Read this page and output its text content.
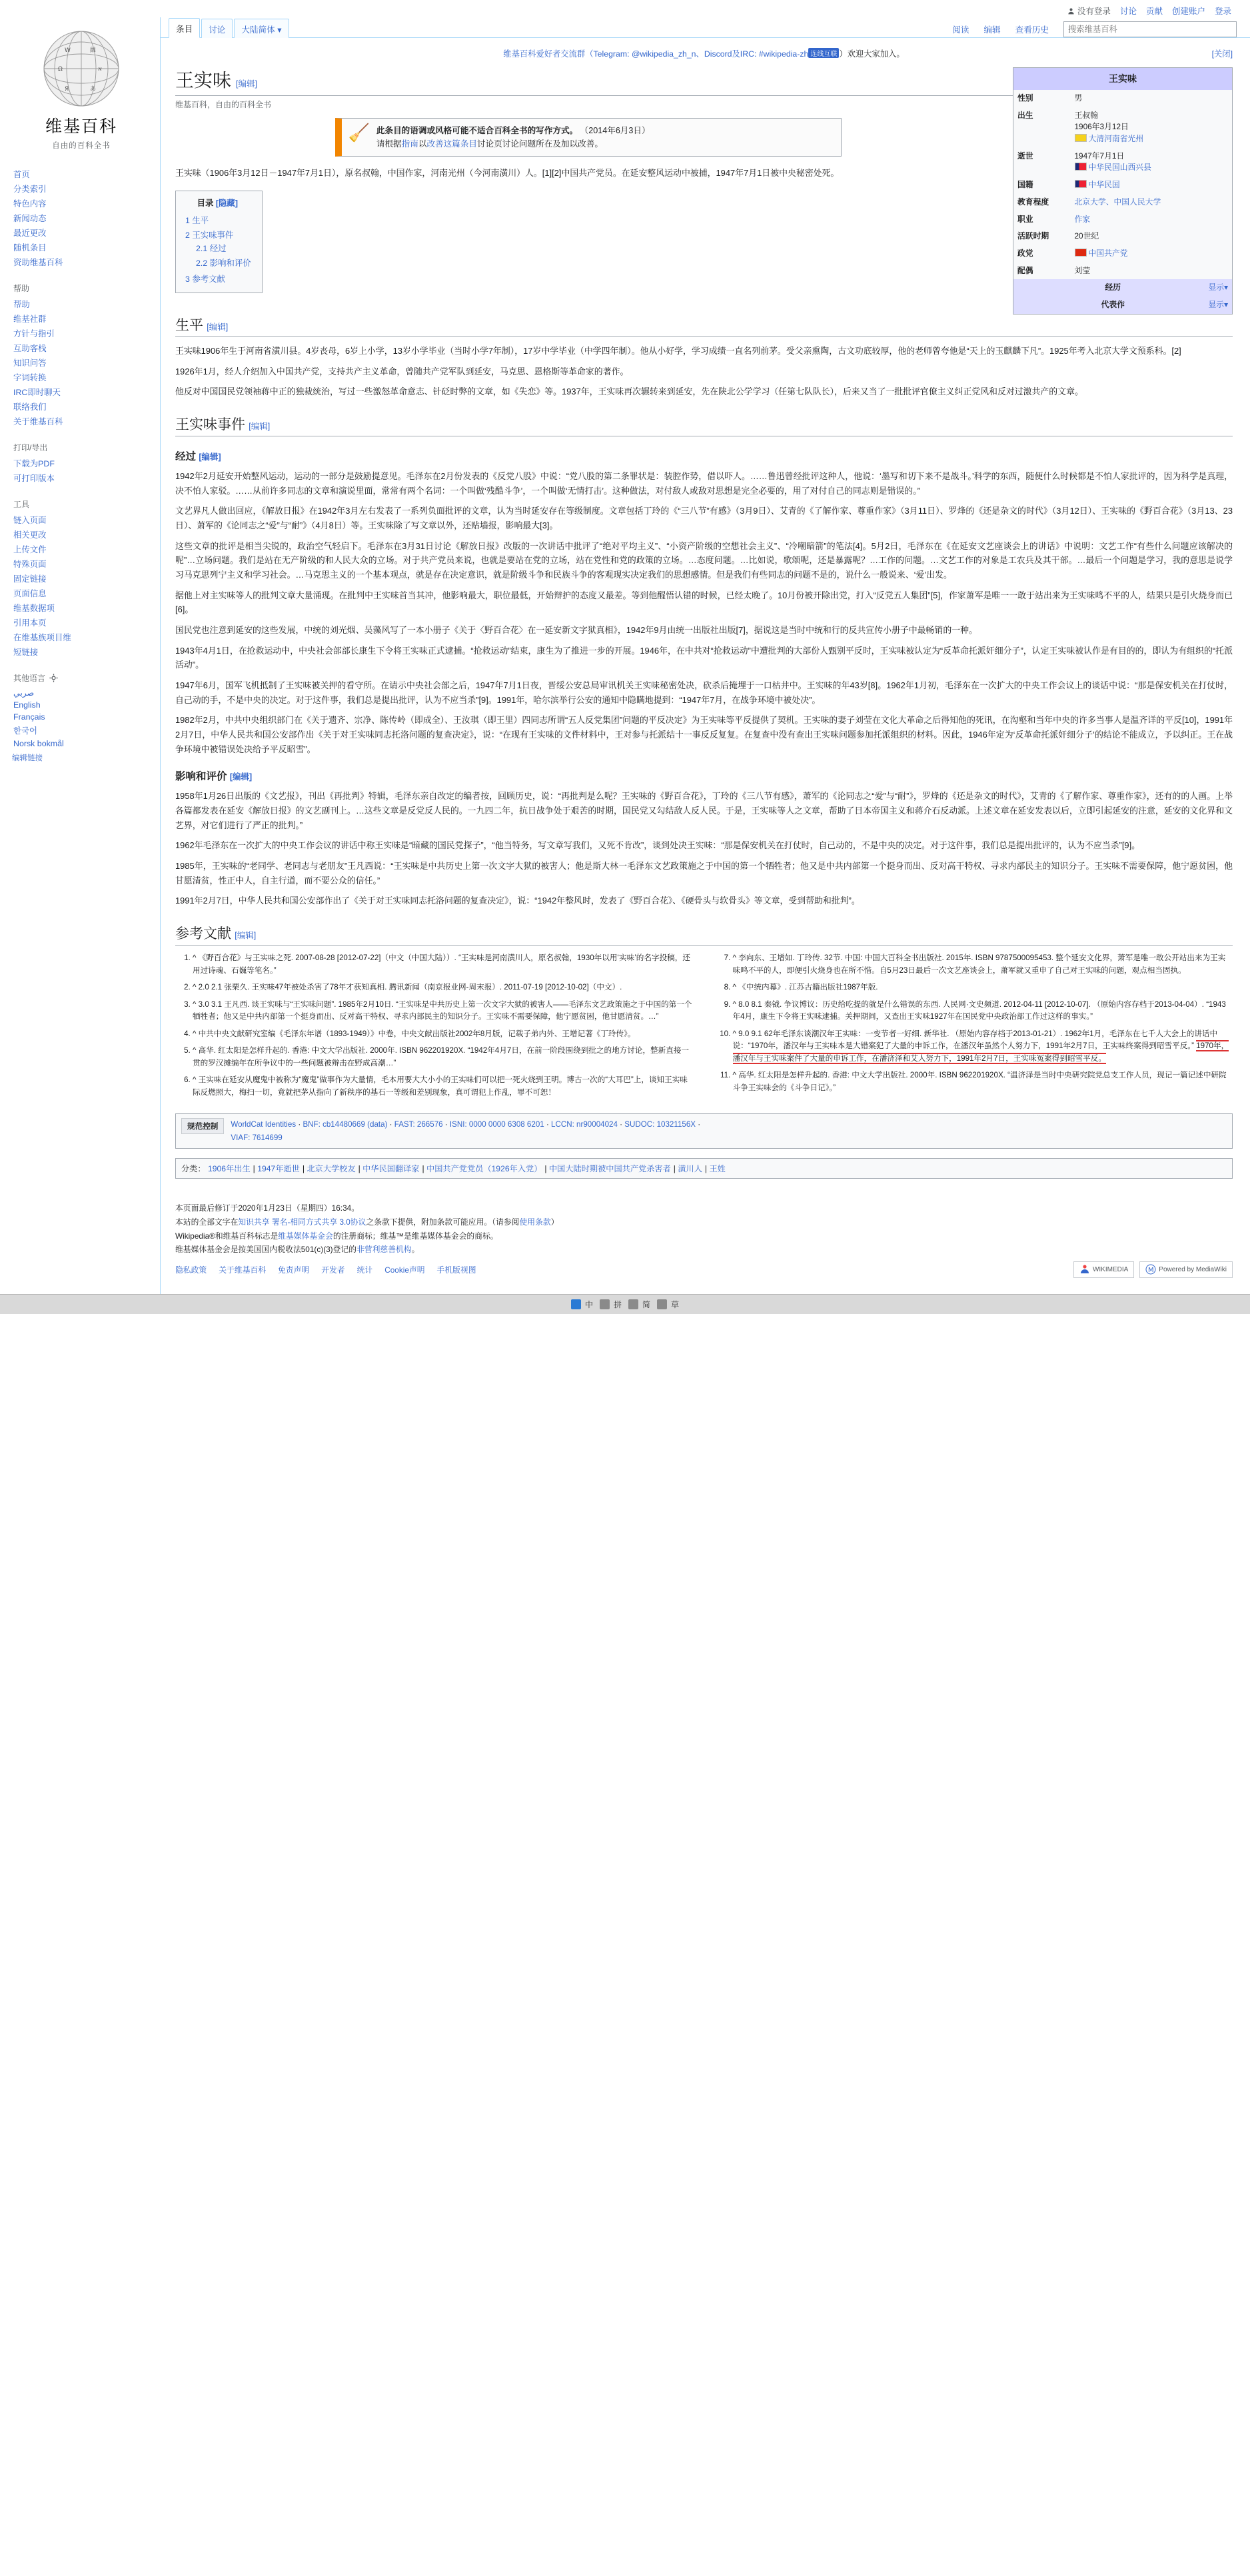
没有登录 讨论 贡献 创建账户 登录
W	維
Ω	א
Я	あ
维基百科
自由的百科全书
首页
分类索引
特色内容
新闻动态
最近更改
随机条目
资助维基百科
帮助
帮助
维基社群
方针与指引
互助客栈
知识问答
字词转换
IRC即时聊天
联络我们
关于维基百科
打印/导出
下载为PDF
可打印版本
工具
链入页面
相关更改
上传文件
特殊页面
固定链接
页面信息
维基数据项
引用本页
在维基族项目维
短链接
其他语言
صربي
English
Français
한국어
Norsk bokmål
编辑链接
条目	讨论	大陆简体 ▾	阅读	编辑	查看历史
搜索维基百科
维基百科爱好者交流群（Telegram: @wikipedia_zh_n、Discord及IRC: #wikipedia-zh 连线互联 ）欢迎大家加入。	[关闭]
王实味	
性别	男
出生	王叔翰
1906年3月12日
大清河南省光州

逝世	1947年7月1日
中华民国山西兴县

国籍	中华民国
教育程度	北京大学、中国人民大学
职业	作家
活跃时期	20世纪
政党	中国共产党
配偶	刘莹
经历 显示▾	

代表作 显示▾	
王实味 [编辑]
维基百科，自由的百科全书
🧹 此条目的语调或风格可能不适合百科全书的写作方式。 （2014年6月3日）
请根据指南以改善这篇条目讨论页讨论问题所在及加以改善。

王实味（1906年3月12日－1947年7月1日），原名叔翰，中国作家，河南光州（今河南潢川）人。[1][2]中国共产党员。在延安整风运动中被捕，1947年7月1日被中央秘密处死。

目录 [隐藏]
1 生平
2 王实味事件
2.1 经过
2.2 影响和评价
3 参考文献
生平 [编辑]

王实味1906年生于河南省潢川县。4岁丧母，6岁上小学，13岁小学毕业（当时小学7年制），17岁中学毕业（中学四年制）。他从小好学，学习成绩一直名列前茅。受父亲熏陶，古文功底较厚，他的老师曾夸他是“天上的玉麒麟下凡”。1925年考入北京大学文预系科。[2]

1926年1月，经人介绍加入中国共产党，支持共产主义革命，曾随共产党军队到延安，马克思、恩格斯等革命家的著作。

他反对中国国民党领袖蒋中正的独裁统治，写过一些激怒革命意志、针砭时弊的文章，如《失恋》等。1937年，王实味再次辗转来到延安，先在陕北公学学习（任第七队队长），后来又当了一批批评官僚主义纠正党风和反对过激共产的文章。

王实味事件 [编辑]
经过 [编辑]

1942年2月延安开始整风运动，运动的一部分是鼓励提意见。毛泽东在2月份发表的《反党八股》中说：“党八股的第二条罪状是：装腔作势，借以吓人。……鲁迅曾经批评这种人，他说：‘墨写和切下来不是战斗。’科学的东西，随便什么时候都是不怕人家批评的，因为科学是真理，决不怕人家驳。……从前许多同志的文章和演说里面，常常有两个名词：一个叫做‘残酷斗争’，一个叫做‘无情打击’。这种做法，对付敌人或敌对思想是完全必要的，用了对付自己的同志则是错误的。”

文艺界凡人做出回应，《解放日报》在1942年3月左右发表了一系列负面批评的文章，认为当时延安存在等级制度。文章包括丁玲的《“三八节”有感》（3月9日）、艾青的《了解作家、尊重作家》（3月11日）、罗烽的《还是杂文的时代》（3月12日）、王实味的《野百合花》（3月13、23日）、萧军的《论同志之“爱”与“耐”》（4月8日）等。王实味除了写文章以外，还贴墙报，影响最大[3]。

这些文章的批评是相当尖锐的，政治空气轻启下。毛泽东在3月31日讨论《解放日报》改版的一次讲话中批评了“绝对平均主义”、“小资产阶级的空想社会主义”、“冷嘲暗箭”的笔法[4]。5月2日，毛泽东在《在延安文艺座谈会上的讲话》中说明：文艺工作“有些什么问题应该解决的呢”…立场问题。我们是站在无产阶级的和人民大众的立场。对于共产党员来说，也就是要站在党的立场，站在党性和党的政策的立场。…态度问题。…比如说，歌颂呢，还是暴露呢？…工作的问题。…文艺工作的对象是工农兵及其干部。…最后一个问题是学习，我的意思是说学习马克思列宁主义和学习社会。…马克思主义的一个基本观点，就是存在决定意识，就是阶级斗争和民族斗争的客观现实决定我们的思想感情。但是我们有些同志的问题不是的，说什么一般说来、‘爱’出发。

据他上对主实味等人的批判文章大量涌现。在批判中王实味首当其冲，他影响最大，职位最低，开始辩护的态度又最差。等到他醒悟认错的时候，已经太晚了。10月份被开除出党，打入“反党五人集团”[5]，作家萧军是唯一一敢于站出来为王实味鸣不平的人，结果只是引火烧身而已[6]。

国民党也注意到延安的这些发展，中统的刘光烟、吴藻风写了一本小册子《关于〈野百合花〉在一延安新文字狱真相》，1942年9月由统一出版社出版[7]，据说这是当时中统和行的反共宣传小册子中最畅销的一种。

1943年4月1日，在抢救运动中，中央社会部部长康生下令将王实味正式逮捕。“抢救运动”结束，康生为了推进一步的开展。1946年，在中共对“抢救运动”中遭批判的大部份人甄别平反时，王实味被认定为“反革命托派奸细分子”，认定王实味被认作是有目的的，即认为有组织的“托派活动”。

1947年6月，国军飞机抵制了王实味被关押的看守所。在请示中央社会部之后，1947年7月1日夜，晋绥公安总局审讯机关王实味秘密处决，砍杀后掩埋于一口枯井中。王实味的年43岁[8]。1962年1月初，毛泽东在一次扩大的中央工作会议上的谈话中说：“那是保安机关在打仗时，自己动的手，不是中央的决定。对于这件事，我们总是提出批评，认为不应当杀”[9]。1991年，哈尔滨举行公安的通知中隐瞒地提到：“1947年7月，在战争环境中被处决”。

1982年2月，中共中央组织部门在《关于遗齐、宗净、陈传岭（即成全）、王汝琪（即王里）四同志所谓“五人反党集团”问题的平反决定》为王实味等平反提供了契机。王实味的妻子刘莹在文化大革命之后得知他的死讯，在沟壑和当年中央的许多当事人是温齐详的平反[10]，1991年2月7日，中华人民共和国公安部作出《关于对王实味同志托洛问题的复查决定》，说：“在现有王实味的文件材料中，王对参与托派结十一事反反复复。在复查中没有查出王实味问题参加托派组织的材料。因此，1946年定为‘反革命托派奸细分子’的结论不能成立，予以纠正。王在战争环境中被错误处决给予平反昭雪”。

影响和评价 [编辑]

1958年1月26日出版的《文艺报》，刊出《再批判》特辑，毛泽东亲自改定的编者按，回顾历史，说：“再批判是么呢？王实味的《野百合花》，丁玲的《三八节有感》，萧军的《论同志之“爱”与“耐”》，罗烽的《还是杂文的时代》，艾青的《了解作家、尊重作家》，还有的的人画。上举各篇都发表在延安《解放日报》的文艺副刊上。…这些文章是反党反人民的。一九四二年，抗日战争处于艰苦的时期，国民党又勾结敌人反人民。于是，王实味等人之文章，帮助了日本帝国主义和蒋介石反动派。上述文章在延安发表以后，立即引起延安的注意，延安的文化界和文艺界，对它们进行了严正的批判。”

1962年毛泽东在一次扩大的中央工作会议的讲话中称王实味是“暗藏的国民党探子”，“他当特务，写文章写我们，又死不肯改”，谈到处决王实味：“那是保安机关在打仗时，自己动的，不是中央的决定。对于这件事，我们总是提出批评的，认为不应当杀”[9]。

1985年，王实味的“老同学、老同志与老朋友”王凡西说：“王实味是中共历史上第一次文字大狱的被害人；他是斯大林一毛泽东文艺政策施之于中国的第一个牺牲者；他又是中共内部第一个挺身而出、反对高干特权、寻求内部民主的知识分子。王实味不需要保障，他宁愿贫困，他甘愿清贫，性正中人，自主行道，而不要公众的信任。”

1991年2月7日，中华人民共和国公安部作出了《关于对王实味同志托洛问题的复查决定》，说：“1942年整风时，发表了《野百合花》、《硬骨头与软骨头》等文章，受到帮助和批判”。

参考文献 [编辑]
1. ^ 《野百合花》与王实味之死. 2007-08-28 [2012-07-22]（中文（中国大陆））. “王实味是河南潢川人，原名叔翰，1930年以用‘实味’的名字投稿，还用过诗魂、石巍等笔名。”
2. ^ 2.0 2.1 张栗久. 王实味47年被处杀害了78年才获知真相. 腾讯新闻（南京报业网-周末报）. 2011-07-19 [2012-10-02]（中文）.
3. ^ 3.0 3.1 王凡西. 谈王实味与“王实味问题”. 1985年2月10日. “王实味是中共历史上第一次文字大狱的被害人——毛泽东文艺政策施之于中国的第一个牺牲者；他又是中共内部第一个挺身而出、反对高干特权、寻求内部民主的知识分子。王实味不需要保障，他宁愿贫困，他甘愿清贫。…”
4. ^ 中共中央文献研究室编《毛泽东年谱（1893-1949）》中卷，中央文献出版社2002年8月版，记载子弟内外、王增记著《丁玲传》。
5. ^ 高华. 红太阳是怎样升起的. 香港: 中文大学出版社. 2000年. ISBN 962201920X. “1942年4月7日，在前一阶段围绕到批之的地方讨论，整新直接一贯的罗汉摊编年在所争议中的一些问题被辩击在野成高潮…”
6. ^ 王实味在延安从魔鬼中被称为“魔鬼”做事作为大量情，毛本用要大大小小的王实味们可以把一死火烧到王明。博古一次的“大耳巴”上，谈知王实味际反燃照大，梅扫一切，竟就把茅从指向了新秩序的基石一等级和差别现象，真可谓犯上作乱，罪不可恕！
7. ^ 李向东、王增如. 丁玲传. 32节. 中国: 中国大百科全书出版社. 2015年. ISBN 9787500095453. 整个延安文化界，萧军是唯一敢公开站出来为王实味鸣不平的人，即便引火烧身也在所不惜。自5月23日最后一次文艺座谈会上，萧军就又重申了自己对王实味的问题，观点相当固执。
8. ^ 《中统内幕》. 江苏古籍出版社1987年版.
9. ^ 8.0 8.1 秦钺. 争议博议：历史给吃提的就是什么错误的东西. 人民网·文史频道. 2012-04-11 [2012-10-07]. （原始内容存档于2013-04-04）. “1943年4月，康生下令将王实味逮捕。关押期间，又查出王实味1927年在国民党中央政治部工作过这样的事实。”
10. ^ 9.0 9.1 62年毛泽东谈潮汉年王实味：一变节者一好细. 新华社. （原始内容存档于2013-01-21）. 1962年1月，毛泽东在七千人大会上的讲话中说：“1970年，潘汉年与王实味本是大错案犯了大量的申诉工作，在潘汉年虽然个人努力下，1991年2月7日，王实味终案得到昭雪平反。” 1970年，潘汉年与王实味案件了大量的申诉工作，在潘济泽和艾人努力下，1991年2月7日，王实味冤案得到昭雪平反。
11. ^ 高华. 红太阳是怎样升起的. 香港: 中文大学出版社. 2000年. ISBN 962201920X. “温济泽是当时中央研究院党总支工作人员，现记一篇记述中研院斗争王实味会的《斗争日记》。”
规范控制	WorldCat Identities · BNF: cb14480669 (data) · FAST: 266576 · ISNI: 0000 0000 6308 6201 · LCCN: nr90004024 · SUDOC: 10321156X ·
VIAF: 7614699
分类： 1906年出生 | 1947年逝世 | 北京大学校友 | 中华民国翻译家 | 中国共产党党员（1926年入党） | 中国大陆时期被中国共产党杀害者 | 潢川人 | 王姓
本页面最后修订于2020年1月23日（星期四）16:34。
本站的全部文字在知识共享 署名-相同方式共享 3.0协议之条款下提供，附加条款可能应用。（请参阅使用条款）
Wikipedia®和维基百科标志是维基媒体基金会的注册商标；维基™是维基媒体基金会的商标。
维基媒体基金会是按美国国内税收法501(c)(3)登记的非营利慈善机构。
隐私政策 关于维基百科 免责声明 开发者 统计 Cookie声明 手机版视图	WIKIMEDIA	M Powered by MediaWiki
中	拼	简	草
